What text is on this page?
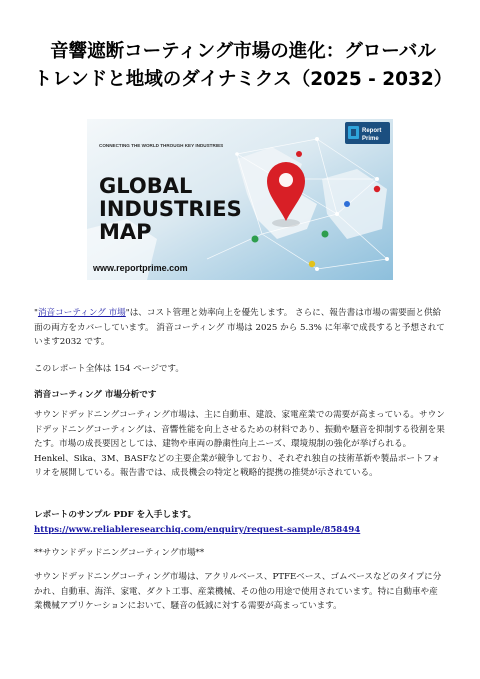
音響遮断コーティング市場の進化：グローバル
トレンドと地域のダイナミクス（2025 - 2032）
CONNECTING THE WORLD THROUGH KEY INDUSTRIES
GLOBAL
INDUSTRIES
MAP
www.reportprime.com
Report
Prime

"消音コーティング 市場"は、コスト管理と効率向上を優先します。 さらに、報告書は市場の需要面と供給面の両方をカバーしています。 消音コーティング 市場は 2025 から 5.3% に年率で成長すると予想されています2032 です。

このレポート全体は 154 ページです。

消音コーティング 市場分析です

サウンドデッドニングコーティング市場は、主に自動車、建設、家電産業での需要が高まっている。サウンドデッドニングコーティングは、音響性能を向上させるための材料であり、振動や騒音を抑制する役割を果たす。市場の成長要因としては、建物や車両の静粛性向上ニーズ、環境規制の強化が挙げられる。Henkel、Sika、3M、BASFなどの主要企業が競争しており、それぞれ独自の技術革新や製品ポートフォリオを展開している。報告書では、成長機会の特定と戦略的提携の推奨が示されている。

レポートのサンプル PDF を入手します。 https://www.reliableresearchiq.com/enquiry/request-sample/858494

**サウンドデッドニングコーティング市場**

サウンドデッドニングコーティング市場は、アクリルベース、PTFEベース、ゴムベースなどのタイプに分かれ、自動車、海洋、家電、ダクト工事、産業機械、その他の用途で使用されています。特に自動車や産業機械アプリケーションにおいて、騒音の低減に対する需要が高まっています。
